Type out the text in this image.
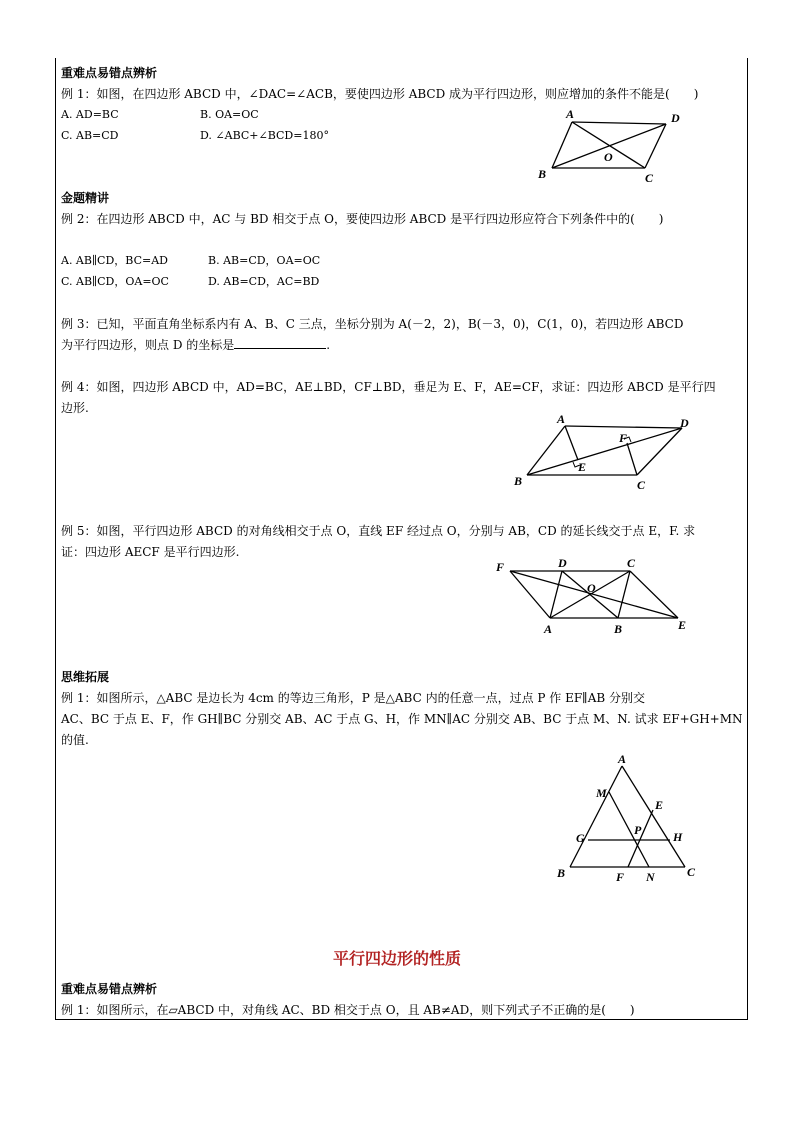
重难点易错点辨析
例 1：如图，在四边形 ABCD 中，∠DAC=∠ACB，要使四边形 ABCD 成为平行四边形，则应增加的条件不能是(　　)
A. AD=BC	B. OA=OC
C. AB=CD	D. ∠ABC+∠BCD=180°
A	D
B	C
O
金题精讲
例 2：在四边形 ABCD 中，AC 与 BD 相交于点 O，要使四边形 ABCD 是平行四边形应符合下列条件中的(　　)
A. AB∥CD，BC=AD	B. AB=CD，OA=OC
C. AB∥CD，OA=OC	D. AB=CD，AC=BD
例 3：已知，平面直角坐标系内有 A、B、C 三点，坐标分别为 A(－2，2)，B(－3，0)，C(1，0)，若四边形 ABCD
为平行四边形，则点 D 的坐标是	.
例 4：如图，四边形 ABCD 中，AD=BC，AE⊥BD，CF⊥BD，垂足为 E、F，AE=CF，求证：四边形 ABCD 是平行四
边形.
A	D
B	C
E
F
例 5：如图，平行四边形 ABCD 的对角线相交于点 O，直线 EF 经过点 O，分别与 AB，CD 的延长线交于点 E，F. 求
证：四边形 AECF 是平行四边形.
F	D	C
O
A	B	E
思维拓展
例 1：如图所示，△ABC 是边长为 4cm 的等边三角形，P 是△ABC 内的任意一点，过点 P 作 EF∥AB 分别交
AC、BC 于点 E、F，作 GH∥BC 分别交 AB、AC 于点 G、H，作 MN∥AC 分别交 AB、BC 于点 M、N. 试求 EF+GH+MN
的值.
A
M
E
G
P	H
B	F N	C
平行四边形的性质
重难点易错点辨析
例 1：如图所示，在▱ABCD 中，对角线 AC、BD 相交于点 O，且 AB≠AD，则下列式子不正确的是(　　)
